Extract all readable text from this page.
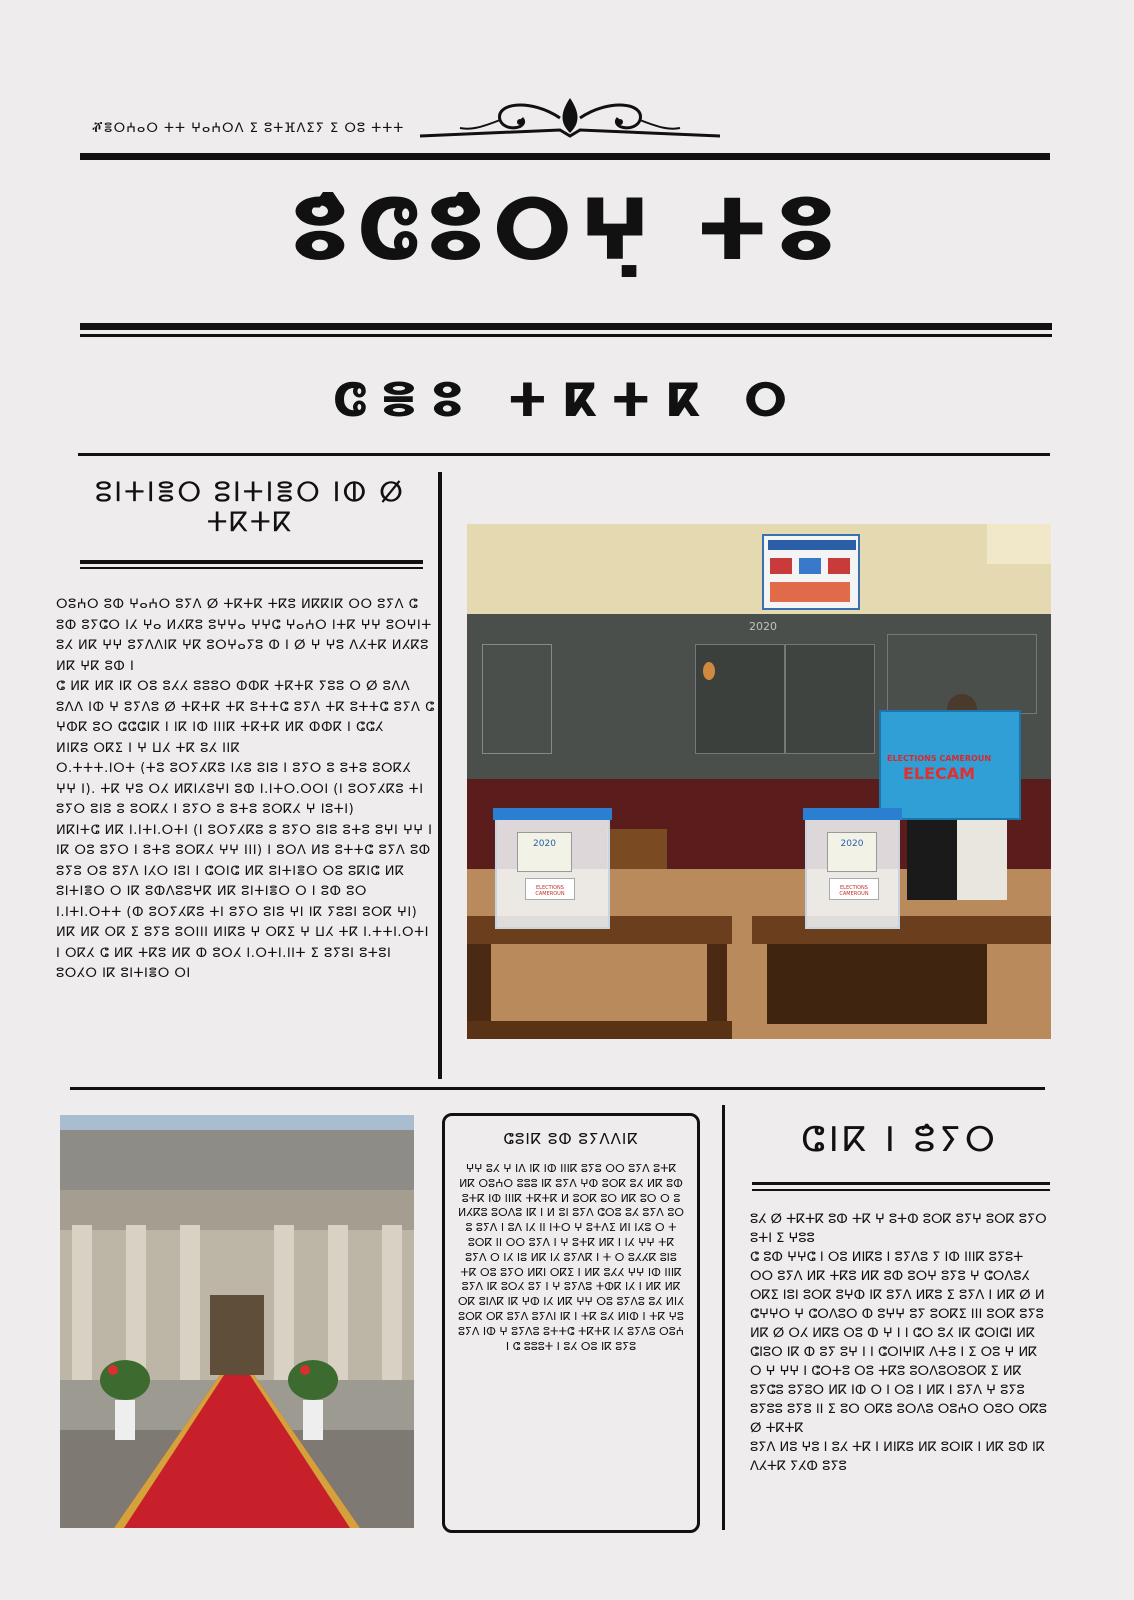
ⶦⴻⵔⵄⴰⵔ ⵜⵜ ⵖⴰⵄⵔⴷ ⵉ ⵓⵜⴼⴷⵉⵢ ⵉ ⵔⵓ ⵜⵜⵜ
ⵓ̂ⵛⵓ̂ⵔⵖ̣ ⵜⵓ
ⵛⴻⵓ ⵜⴽⵜⴽ ⵔ
ⵓⵏⵜⵏⴻⵔ ⵓⵏⵜⵏⴻⵔ ⵏⵀ ⵁ ⵜⴽⵜⴽ

ⵔⵓⵄⵔ ⵓⵀ ⵖⴰⵄⵔ ⵓⵢⴷ ⵁ ⵜⴽⵜⴽ ⵜⴽⵓ ⵍⴽⴽⵏⴽ ⵔⵔ ⵓⵢⴷ ⵛ ⵓⵀ ⵓⵢⵛⵔ ⵏⵃ ⵖⴰ ⵍⵃⴽⵓ ⵓⵖⵖⴰ ⵖⵖⵛ ⵖⴰⵄⵔ ⵏⵜⴽ ⵖⵖ ⵓⵔⵖⵏⵜ ⵓⵃ ⵍⴽ ⵖⵖ ⵓⵢⴷⴷⵏⴽ ⵖⴽ ⵓⵔⵖⴰⵢⵓ ⵀ ⵏ ⵁ ⵖ ⵖⵓ ⴷⵃⵜⴽ ⵍⵃⴽⵓ ⵍⴽ ⵖⴽ ⵓⵀ ⵏ

ⵛ ⵍⴽ ⵍⴽ ⵏⴽ ⵔⵓ ⵓⵃⵃ ⵓⵓⵓⵔ ⵀⵀⴽ ⵜⴽⵜⴽ ⵢⵓⵓ ⵔ ⵁ ⵓⴷⴷ ⵓⴷⴷ ⵏⵀ ⵖ ⵓⵢⴷⵓ ⵁ ⵜⴽⵜⴽ ⵜⴽ ⵓⵜⵜⵛ ⵓⵢⴷ ⵜⴽ ⵓⵜⵜⵛ ⵓⵢⴷ ⵛ ⵖⵀⴽ ⵓⵔ ⵛⵛⵛⵏⴽ ⵏ ⵏⴽ ⵏⵀ ⵏⵏⵏⴽ ⵜⴽⵜⴽ ⵍⴽ ⵀⵀⴽ ⵏ ⵛⵛⵃ

ⵍⵏⴽⵓ ⵔⴽⵉ ⵏ ⵖ ⵡⵃ ⵜⴽ ⵓⵃ ⵏⵏⴽ

ⵔ.ⵜⵜⵜ.ⵏⵔⵜ (ⵜⵓ ⵓⵔⵢⵃⴽⵓ ⵏⵃⵓ ⵓⵏⵓ ⵏ ⵓⵢⵔ ⵓ ⵓⵜⵓ ⵓⵔⴽⵃ ⵖⵖ ⵏ). ⵜⴽ ⵖⵓ ⵔⵃ ⵍⴽⵏⵃⵓⵖⵏ ⵓⵀ ⵏ.ⵏⵜⵔ.ⵔⵔⵏ (ⵏ ⵓⵔⵢⵃⴽⵓ ⵜⵏ ⵓⵢⵔ ⵓⵏⵓ ⵓ ⵓⵔⴽⵃ ⵏ ⵓⵢⵔ ⵓ ⵓⵜⵓ ⵓⵔⴽⵃ ⵖ ⵏⵓⵜⵏ)

ⵍⴽⵏⵜⵛ ⵍⴽ ⵏ.ⵏⵜⵏ.ⵔⵜⵏ (ⵏ ⵓⵔⵢⵃⴽⵓ ⵓ ⵓⵢⵔ ⵓⵏⵓ ⵓⵜⵓ ⵓⵖⵏ ⵖⵖ ⵏ ⵏⴽ ⵔⵓ ⵓⵢⵔ ⵏ ⵓⵜⵓ ⵓⵔⴽⵃ ⵖⵖ ⵏⵏⵏ) ⵏ ⵓⵔⴷ ⵍⵓ ⵓⵜⵜⵛ ⵓⵢⴷ ⵓⵀ ⵓⵢⵓ ⵔⵓ ⵓⵢⴷ ⵏⵃⵔ ⵏⵓⵏ ⵏ ⵛⵔⵏⵛ ⵍⴽ ⵓⵏⵜⵏⴻⵔ ⵔⵓ ⵓⴽⵏⵛ ⵍⴽ ⵓⵏⵜⵏⴻⵔ ⵔ ⵏⴽ ⵓⵀⴷⵓⵓⵖⴽ ⵍⴽ ⵓⵏⵜⵏⴻⵔ ⵔ ⵏ ⵓⵀ ⵓⵔ ⵏ.ⵏⵜⵏ.ⵔⵜⵜ (ⵀ ⵓⵔⵢⵃⴽⵓ ⵜⵏ ⵓⵢⵔ ⵓⵏⵓ ⵖⵏ ⵏⴽ ⵢⵓⵓⵏ ⵓⵔⴽ ⵖⵏ) ⵍⴽ ⵍⴽ ⵔⴽ ⵉ ⵓⵢⵓ ⵓⵔⵏⵏⵏ ⵍⵏⴽⵓ ⵖ ⵔⴽⵉ ⵖ ⵡⵃ ⵜⴽ ⵏ.ⵜⵜⵏ.ⵔⵜⵏ ⵏ ⵔⴽⵃ ⵛ ⵍⴽ ⵜⴽⵓ ⵍⴽ ⵀ ⵓⵔⵃ ⵏ.ⵔⵜⵏ.ⵏⵏⵜ ⵉ ⵓⵢⵓⵏ ⵓⵜⵓⵏ ⵓⵔⵃⵔ ⵏⴽ ⵓⵏⵜⵏⴻⵔ ⵔⵏ

2020
ELECTIONS CAMEROUN
ELECAM
2020
ELECTIONS CAMEROUN
2020
ELECTIONS CAMEROUN
ⵛⵓⵏⴽ ⵓⵀ ⵓⵢⴷⴷⵏⴽ
ⵖⵖ ⵓⵃ ⵖ ⵏⴷ ⵏⴽ ⵏⵀ ⵏⵏⵏⴽ ⵓⵢⵓ ⵔⵔ ⵓⵢⴷ ⵓⵜⴽ ⵍⴽ ⵔⵓⵄⵔ ⵓⵓⵓ ⵏⴽ ⵓⵢⴷ ⵖⵀ ⵓⵔⴽ ⵓⵃ ⵍⴽ ⵓⵀ ⵓⵜⴽ ⵏⵀ ⵏⵏⵏⴽ ⵜⴽⵜⴽ ⵍ ⵓⵔⴽ ⵓⵔ ⵍⴽ ⵓⵔ ⵔ ⵓ ⵍⵃⴽⵓ ⵓⵔⴷⵓ ⵏⴽ ⵏ ⵍ ⵓⵏ ⵓⵢⴷ ⵛⵔⵓ ⵓⵃ ⵓⵢⴷ ⵓⵔ ⵓ ⵓⵢⴷ ⵏ ⵓⴷ ⵏⵃ ⵏⵏ ⵏⵜⵔ ⵖ ⵓⵜⴷⵉ ⵍⵏ ⵏⵃⵓ ⵔ ⵜ ⵓⵔⴽ ⵏⵏ ⵔⵔ ⵓⵢⴷ ⵏ ⵖ ⵓⵜⴽ ⵍⴽ ⵏ ⵏⵃ ⵖⵖ ⵜⴽ ⵓⵢⴷ ⵔ ⵏⵃ ⵏⵓ ⵍⴽ ⵏⵃ ⵓⵢⴷⴽ ⵏ ⵜ ⵔ ⵓⵃⵃⴽ ⵓⵏⵓ ⵜⴽ ⵔⵓ ⵓⵢⵔ ⵍⴽⵏ ⵔⴽⵉ ⵏ ⵍⴽ ⵓⵃⵃ ⵖⵖ ⵏⵀ ⵏⵏⵏⴽ ⵓⵢⴷ ⵏⴽ ⵓⵔⵃ ⵓⵢ ⵏ ⵖ ⵓⵢⴷⵓ ⵜⵀⴽ ⵏⵃ ⵏ ⵍⴽ ⵍⴽ ⵔⴽ ⵓⵏⴷⴽ ⵏⴽ ⵖⵀ ⵏⵃ ⵍⴽ ⵖⵖ ⵔⵓ ⵓⵢⴷⵓ ⵓⵃ ⵍⵏⵃ ⵓⵔⴽ ⵔⴽ ⵓⵢⴷ ⵓⵢⴷⵏ ⵏⴽ ⵏ ⵜⴽ ⵓⵃ ⵍⵏⵀ ⵏ ⵜⴽ ⵖⵓ ⵓⵢⴷ ⵏⵀ ⵖ ⵓⵢⴷⵓ ⵓⵜⵜⵛ ⵜⴽⵜⴽ ⵏⵃ ⵓⵢⴷⵓ ⵔⵓⵄ ⵏ ⵛ ⵓⵓⵓⵜ ⵏ ⵓⵃ ⵔⵓ ⵏⴽ ⵓⵢⵓ
ⵛⵏⴽ ⵏ ⵓ̂ⵢⵔ

ⵓⵃ ⵁ ⵜⴽⵜⴽ ⵓⵀ ⵜⴽ ⵖ ⵓⵜⵀ ⵓⵔⴽ ⵓⵢⵖ ⵓⵔⴽ ⵓⵢⵔ ⵓⵜⵏ ⵉ ⵖⵓⵓ

ⵛ ⵓⵀ ⵖⵖⵛ ⵏ ⵔⵓ ⵍⵏⴽⵓ ⵏ ⵓⵢⴷⵓ ⵢ ⵏⵀ ⵏⵏⵏⴽ ⵓⵢⵓⵜ ⵔⵔ ⵓⵢⴷ ⵍⴽ ⵜⴽⵓ ⵍⴽ ⵓⵀ ⵓⵔⵖ ⵓⵢⵓ ⵖ ⵛⵔⴷⵓⵃ ⵔⴽⵉ ⵏⵓⵏ ⵓⵔⴽ ⵓⵖⵀ ⵏⴽ ⵓⵢⴷ ⵍⴽⵓ ⵉ ⵓⵢⴷ ⵏ ⵍⴽ ⵁ ⵍ ⵛⵖⵖⵔ ⵖ ⵛⵔⴷⵓⵔ ⵀ ⵓⵖⵖ ⵓⵢ ⵓⵔⴽⵉ ⵏⵏⵏ ⵓⵔⴽ ⵓⵢⵓ ⵍⴽ ⵁ ⵔⵃ ⵍⴽⵓ ⵔⵓ ⵀ ⵖ ⵏ ⵏ ⵛⵔ ⵓⵃ ⵏⴽ ⵛⵔⵏⵛⵏ ⵍⴽ ⵛⵏⵓⵔ ⵏⴽ ⵀ ⵓⵢ ⵓⵖ ⵏ ⵏ ⵛⵔⵏⵖⵏⴽ ⴷⵜⵓ ⵏ ⵉ ⵔⵓ ⵖ ⵍⴽ ⵔ ⵖ ⵖⵖ ⵏ ⵛⵔⵜⵓ ⵔⵓ ⵜⴽⵓ ⵓⵔⴷⵓⵔⵓⵔⴽ ⵉ ⵍⴽ ⵓⵢⵛⵓ ⵓⵢⵓⵔ ⵍⴽ ⵏⵀ ⵔ ⵏ ⵔⵓ ⵏ ⵍⴽ ⵏ ⵓⵢⴷ ⵖ ⵓⵢⵓ ⵓⵢⵓⵓ ⵓⵢⵓ ⵏⵏ ⵉ ⵓⵔ ⵔⴽⵓ ⵓⵔⴷⵓ ⵔⵓⵄⵔ ⵔⵓⵔ ⵔⴽⵓ ⵁ ⵜⴽⵜⴽ

ⵓⵢⴷ ⵍⵓ ⵖⵓ ⵏ ⵓⵃ ⵜⴽ ⵏ ⵍⵏⴽⵓ ⵍⴽ ⵓⵔⵏⴽ ⵏ ⵍⴽ ⵓⵀ ⵏⴽ ⴷⵃⵜⴽ ⵢⵃⵀ ⵓⵢⵓ
